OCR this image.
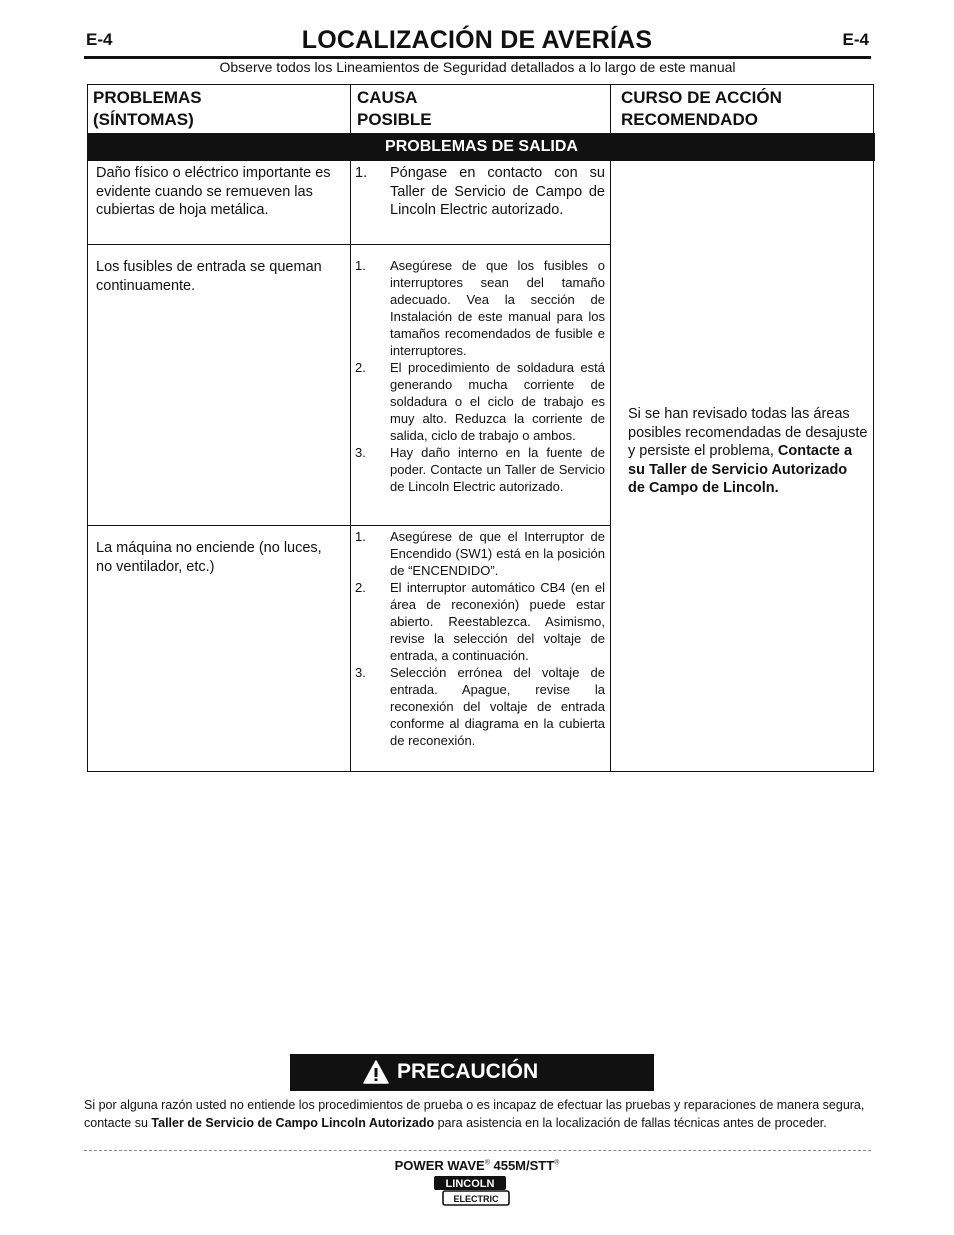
E-4	E-4
LOCALIZACIÓN DE AVERÍAS
Observe todos los Lineamientos de Seguridad detallados a lo largo de este manual
PROBLEMAS
(SÍNTOMAS)
CAUSA
POSIBLE
CURSO DE ACCIÓN
RECOMENDADO
PROBLEMAS DE SALIDA
Daño físico o eléctrico importante es evidente cuando se remueven las cubiertas de hoja metálica.
1. Póngase en contacto con su Taller de Servicio de Campo de Lincoln Electric autorizado.
Los fusibles de entrada se queman continuamente.
1. Asegúrese de que los fusibles o interruptores sean del tamaño adecuado. Vea la sección de Instalación de este manual para los tamaños recomendados de fusible e interruptores.
2. El procedimiento de soldadura está generando mucha corriente de soldadura o el ciclo de trabajo es muy alto. Reduzca la corriente de salida, ciclo de trabajo o ambos.
3. Hay daño interno en la fuente de poder. Contacte un Taller de Servicio de Lincoln Electric autorizado.
La máquina no enciende (no luces, no ventilador, etc.)
1. Asegúrese de que el Interruptor de Encendido (SW1) está en la posición de “ENCENDIDO”.
2. El interruptor automático CB4 (en el área de reconexión) puede estar abierto. Reestablezca. Asimismo, revise la selección del voltaje de entrada, a continuación.
3. Selección errónea del voltaje de entrada. Apague, revise la reconexión del voltaje de entrada conforme al diagrama en la cubierta de reconexión.
Si se han revisado todas las áreas posibles recomendadas de desajuste y persiste el problema, Contacte a su Taller de Servicio Autorizado de Campo de Lincoln.
PRECAUCIÓN
Si por alguna razón usted no entiende los procedimientos de prueba o es incapaz de efectuar las pruebas y reparaciones de manera segura, contacte su Taller de Servicio de Campo Lincoln Autorizado para asistencia en la localización de fallas técnicas antes de proceder.
POWER WAVE® 455M/STT®
LINCOLN
ELECTRIC
